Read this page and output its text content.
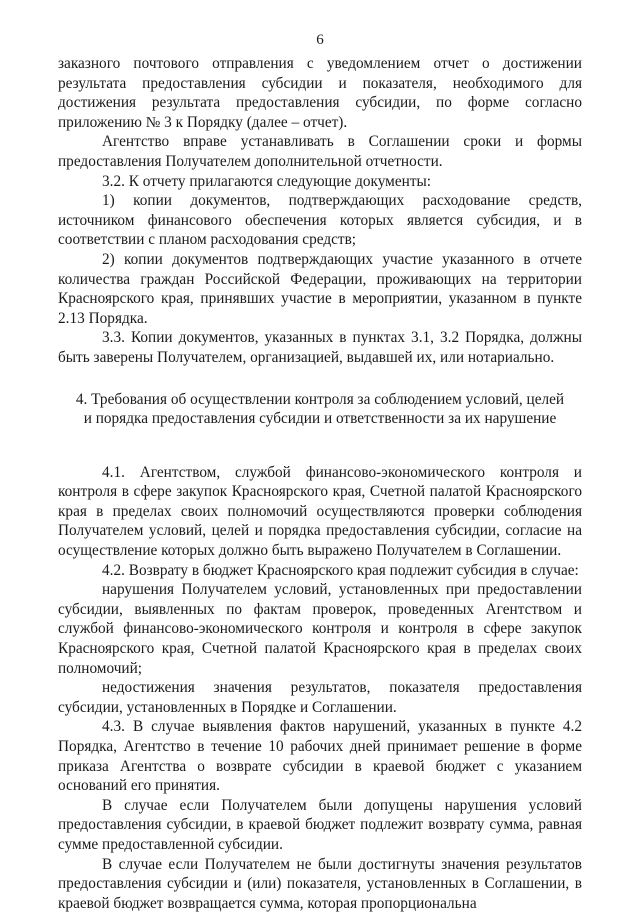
6

заказного почтового отправления с уведомлением отчет о достижении результата предоставления субсидии и показателя, необходимого для достижения результата предоставления субсидии, по форме согласно приложению № 3 к Порядку (далее – отчет).

Агентство вправе устанавливать в Соглашении сроки и формы предоставления Получателем дополнительной отчетности.

3.2. К отчету прилагаются следующие документы:

1) копии документов, подтверждающих расходование средств, источником финансового обеспечения которых является субсидия, и в соответствии с планом расходования средств;

2) копии документов подтверждающих участие указанного в отчете количества граждан Российской Федерации, проживающих на территории Красноярского края, принявших участие в мероприятии, указанном в пункте 2.13 Порядка.

3.3. Копии документов, указанных в пунктах 3.1, 3.2 Порядка, должны быть заверены Получателем, организацией, выдавшей их, или нотариально.

4. Требования об осуществлении контроля за соблюдением условий, целей

и порядка предоставления субсидии и ответственности за их нарушение

4.1. Агентством, службой финансово-экономического контроля и контроля в сфере закупок Красноярского края, Счетной палатой Красноярского края в пределах своих полномочий осуществляются проверки соблюдения Получателем условий, целей и порядка предоставления субсидии, согласие на осуществление которых должно быть выражено Получателем в Соглашении.

4.2. Возврату в бюджет Красноярского края подлежит субсидия в случае:

нарушения Получателем условий, установленных при предоставлении субсидии, выявленных по фактам проверок, проведенных Агентством и службой финансово-экономического контроля и контроля в сфере закупок Красноярского края, Счетной палатой Красноярского края в пределах своих полномочий;

недостижения значения результатов, показателя предоставления субсидии, установленных в Порядке и Соглашении.

4.3. В случае выявления фактов нарушений, указанных в пункте 4.2 Порядка, Агентство в течение 10 рабочих дней принимает решение в форме приказа Агентства о возврате субсидии в краевой бюджет с указанием оснований его принятия.

В случае если Получателем были допущены нарушения условий предоставления субсидии, в краевой бюджет подлежит возврату сумма, равная сумме предоставленной субсидии.

В случае если Получателем не были достигнуты значения результатов предоставления субсидии и (или) показателя, установленных в Соглашении, в краевой бюджет возвращается сумма, которая пропорциональна
